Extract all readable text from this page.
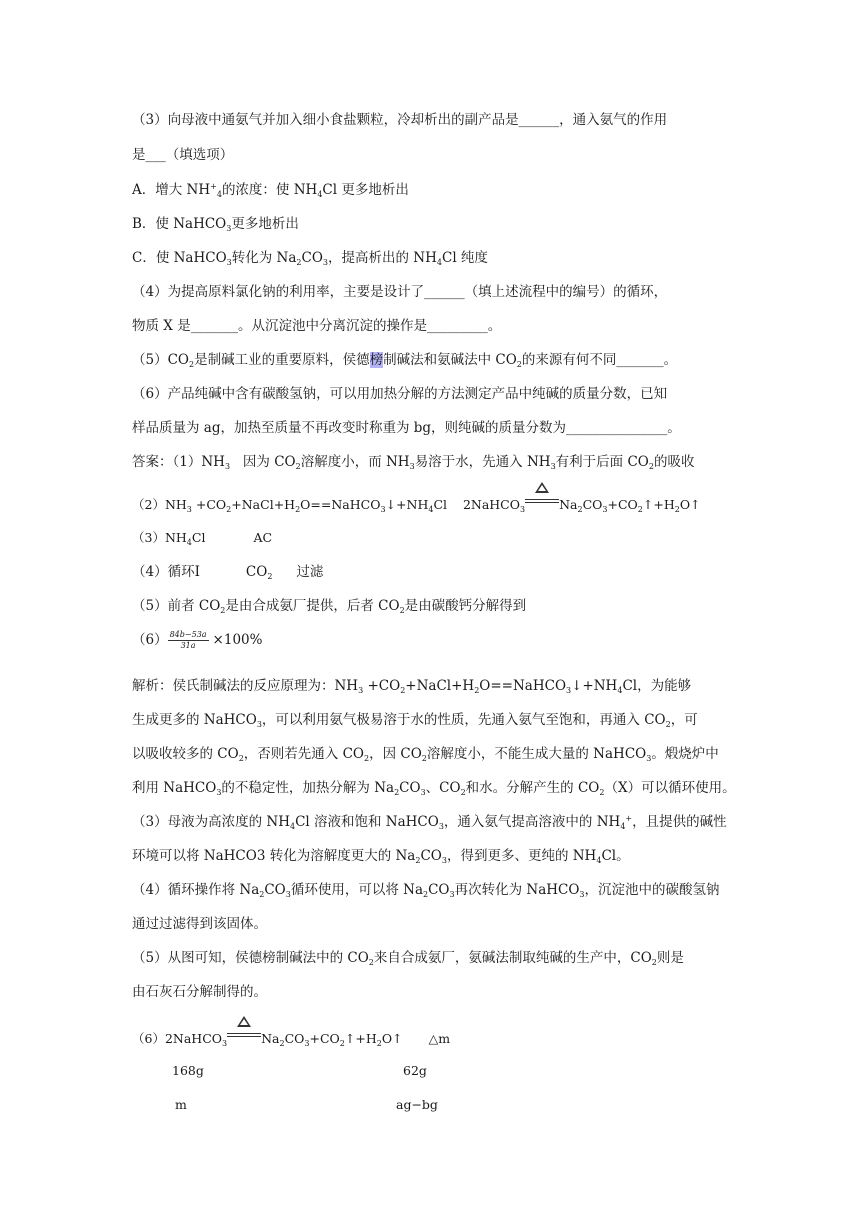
（3）向母液中通氨气并加入细小食盐颗粒，冷却析出的副产品是______，通入氨气的作用
是___（填选项）
A．增大 $NH^+_4$的浓度：使 $NH_4Cl$ 更多地析出
B．使 NaHCO$_3$更多地析出
C．使 NaHCO$_3$转化为 $Na_2CO_3$，提高析出的 $NH_4Cl$ 纯度
（4）为提高原料氯化钠的利用率，主要是设计了______（填上述流程中的编号）的循环，
物质 X 是_______。从沉淀池中分离沉淀的操作是_________。
$(5)CO_2$是制碱工业的重要原料，侯德榜制碱法和氨碱法中 $CO_2$的来源有何不同_______。
（6）产品纯碱中含有碳酸氢钠，可以用加热分解的方法测定产品中纯碱的质量分数，已知
样品质量为 ag，加热至质量不再改变时称重为 bg，则纯碱的质量分数为_______________。
答案：$(1)NH_3$ 因为 $CO_2$溶解度小，而 $NH_3$易溶于水，先通入 $NH_3$有利于后面 $CO_2$的吸收
$(2)NH_3$ $+CO_2+NaCl+H_2O==NaHCO_3↓+NH_4Cl$ 2NaHCO$_3$	$Na_2CO_3+CO_2↑+H_2O↑$
$(3)NH_4Cl$	AC
（4）循环Ⅰ	$CO_2$ 过滤
（5）前者 $CO_2$是由合成氨厂提供，后者 $CO_2$是由碳酸钙分解得到
$(6) \frac{84b-53a}{31a} \times 100\%$
解析：侯氏制碱法的反应原理为：$NH_3$ $+CO_2+NaCl+H_2O==NaHCO_3↓+NH_4Cl$，为能够
生成更多的 NaHCO$_3$，可以利用氨气极易溶于水的性质，先通入氨气至饱和，再通入 $CO_2$，可
以吸收较多的 $CO_2$，否则若先通入 $CO_2$，因 $CO_2$溶解度小，不能生成大量的 NaHCO$_3$。煅烧炉中
利用 NaHCO$_3$的不稳定性，加热分解为 $Na_2CO_3$、$CO_2$和水。分解产生的 $CO_2(X)$可以循环使用。
（3）母液为高浓度的 $NH_4Cl$ 溶液和饱和 NaHCO$_3$，通入氨气提高溶液中的 $NH_4^+$，且提供的碱性
环境可以将 NaHCO3 转化为溶解度更大的 $Na_2CO_3$，得到更多、更纯的 $NH_4Cl$。
（4）循环操作将 $Na_2CO_3$循环使用，可以将 $Na_2CO_3$再次转化为 NaHCO$_3$，沉淀池中的碳酸氢钠
通过过滤得到该固体。
（5）从图可知，侯德榜制碱法中的 $CO_2$来自合成氨厂，氨碱法制取纯碱的生产中，$CO_2$则是
由石灰石分解制得的。
（6）2NaHCO$_3$	$Na_2CO_3+CO_2↑+H_2O↑$ △m
168g	62g
m	ag−bg
